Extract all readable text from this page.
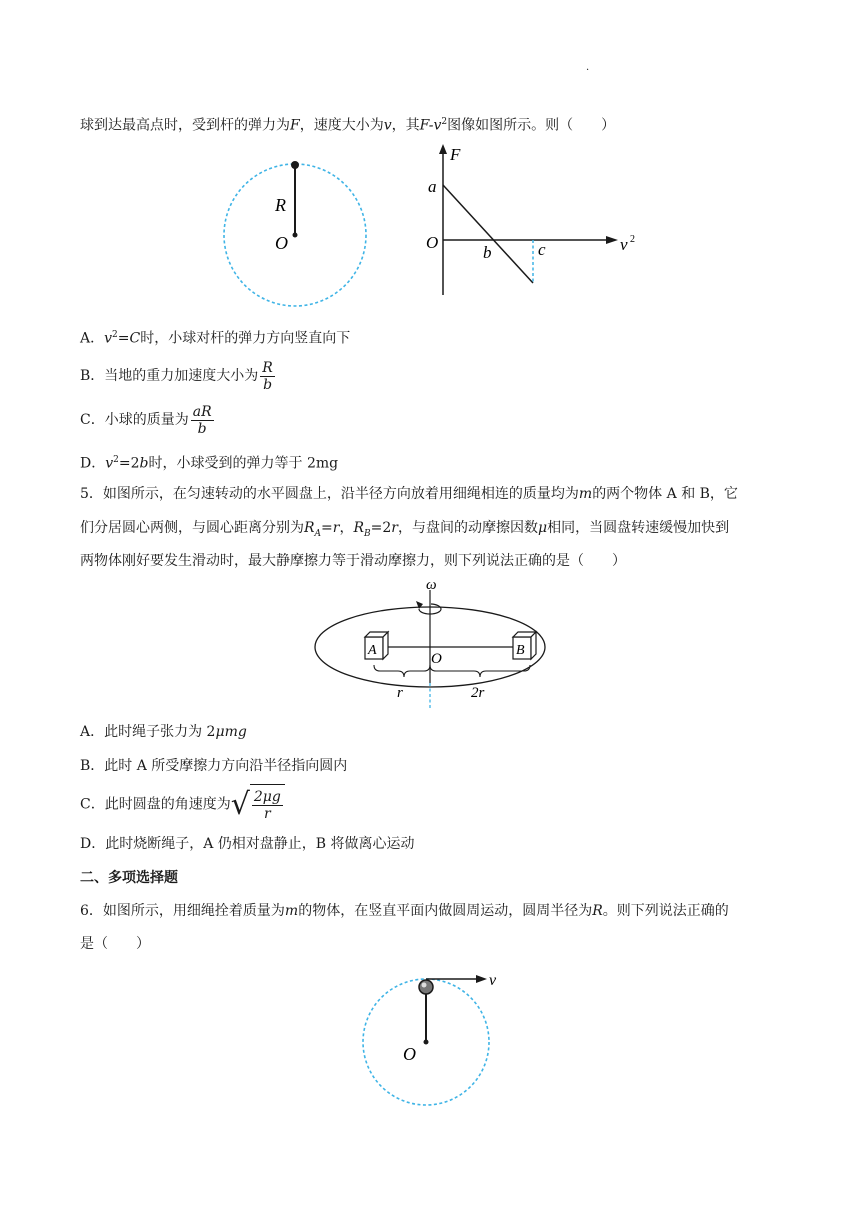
.
球到达最高点时，受到杆的弹力为F，速度大小为v，其$F-v^2$图像如图所示。则（　　）
R
O
F
a
O
b	c	v 2
A．$v^2=C$时，小球对杆的弹力方向竖直向下
B．当地的重力加速度大小为 $\frac{R}{b}$
C．小球的质量为 $\frac{aR}{b}$
D．$v^2=2b$时，小球受到的弹力等于 2mg
5．如图所示，在匀速转动的水平圆盘上，沿半径方向放着用细绳相连的质量均为m的两个物体 A 和 B，它
们分居圆心两侧，与圆心距离分别为$R_A=r$，$R_B=2r$，与盘间的动摩擦因数μ相同，当圆盘转速缓慢加快到
两物体刚好要发生滑动时，最大静摩擦力等于滑动摩擦力，则下列说法正确的是（　　）
ω
A	B
O
r	2r
A．此时绳子张力为 2μmg
B．此时 A 所受摩擦力方向沿半径指向圆内
C．此时圆盘的角速度为 √ $\frac{2\mu g}{r}$
D．此时烧断绳子，A 仍相对盘静止，B 将做离心运动
二、多项选择题
6．如图所示，用细绳拴着质量为m的物体，在竖直平面内做圆周运动，圆周半径为R。则下列说法正确的
是（　　）
v
O
